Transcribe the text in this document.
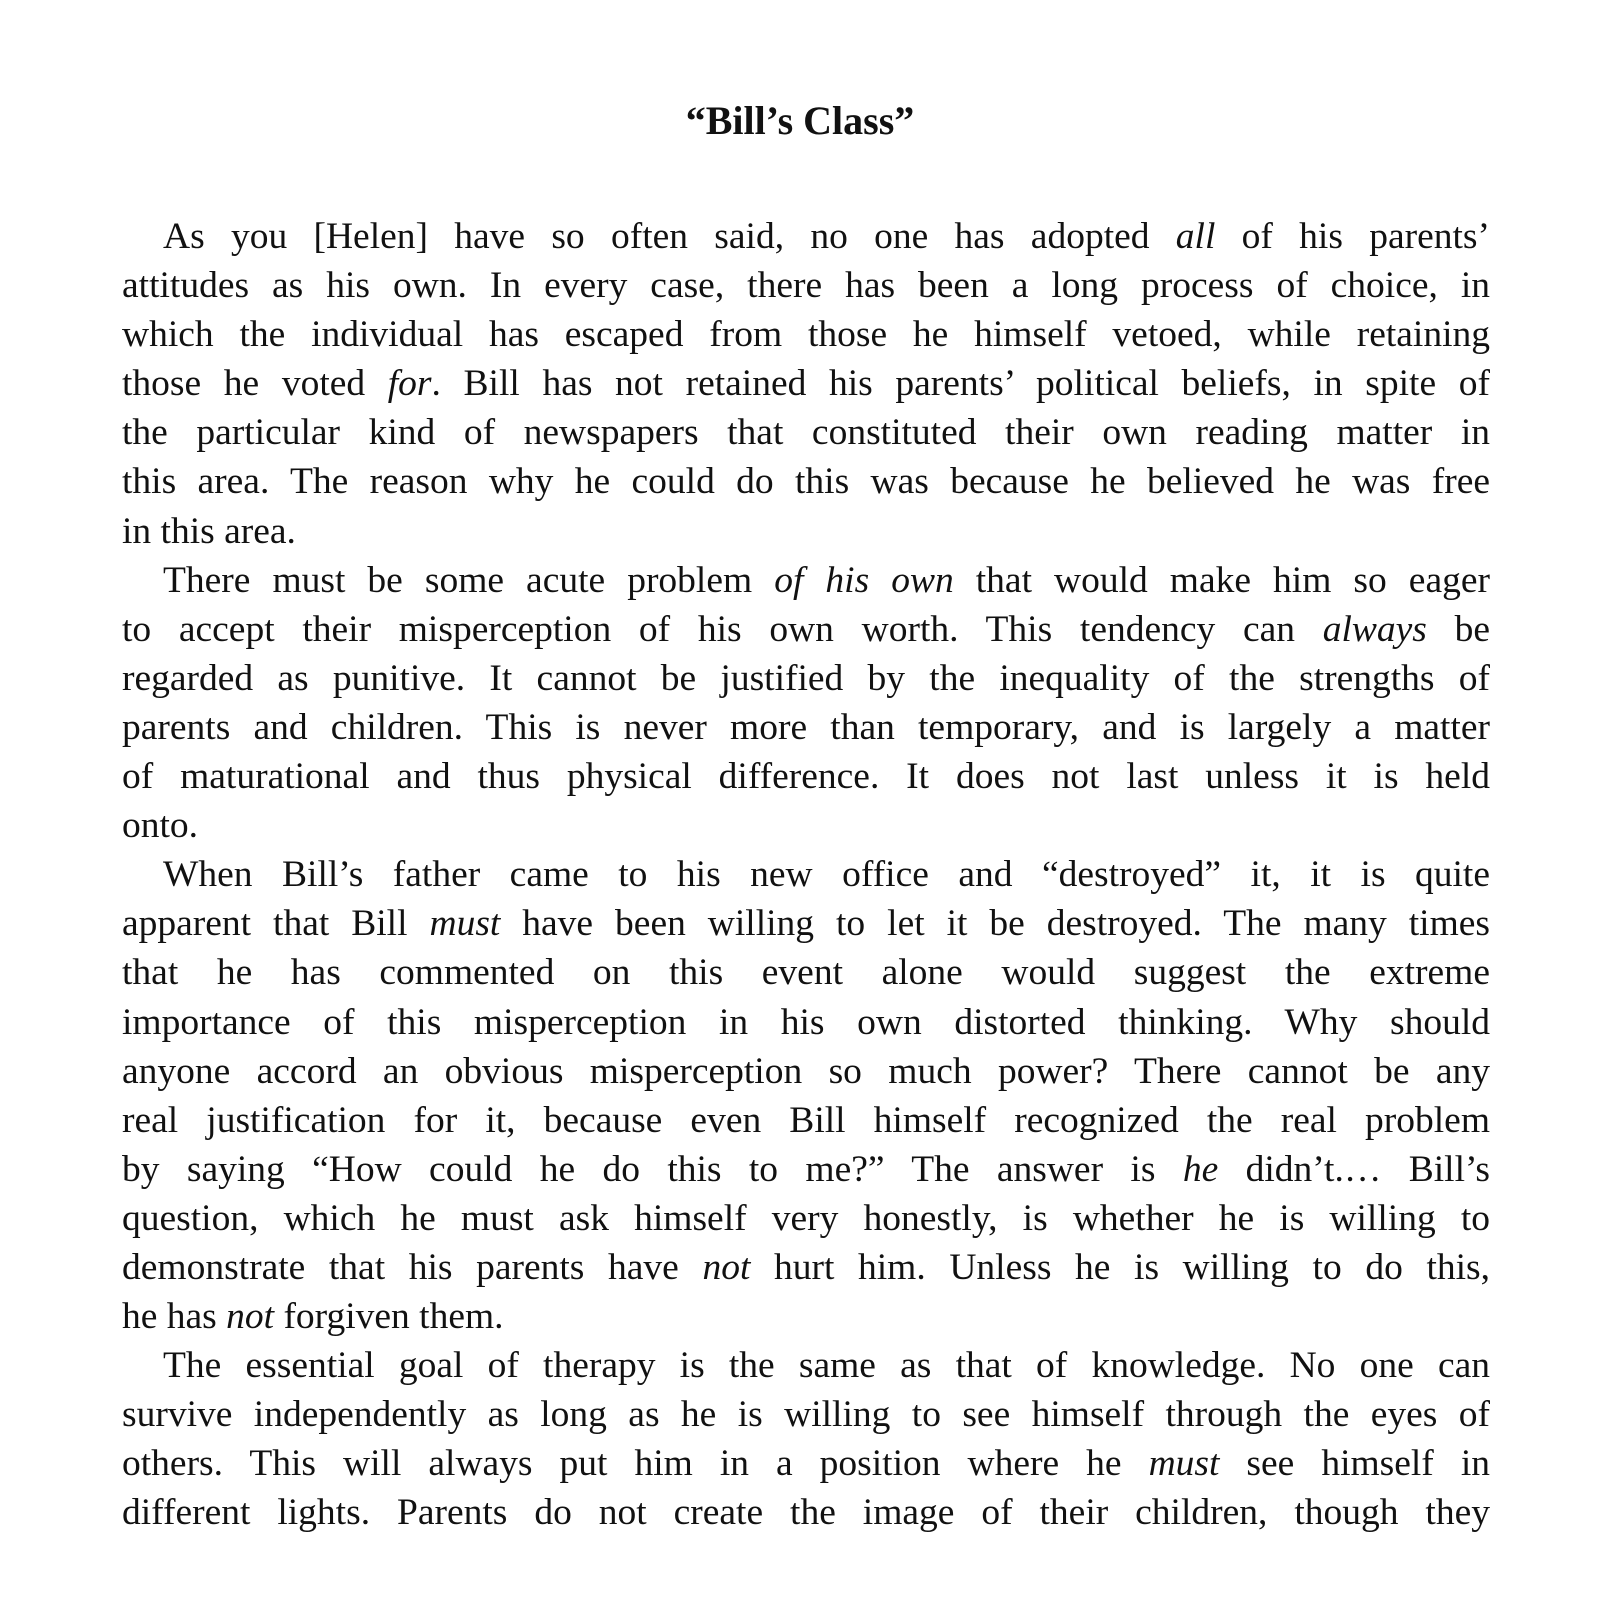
“Bill’s Class”
As you [Helen] have so often said, no one has adopted all of his parents’
attitudes as his own. In every case, there has been a long process of choice, in
which the individual has escaped from those he himself vetoed, while retaining
those he voted for. Bill has not retained his parents’ political beliefs, in spite of
the particular kind of newspapers that constituted their own reading matter in
this area. The reason why he could do this was because he believed he was free
in this area.
There must be some acute problem of his own that would make him so eager
to accept their misperception of his own worth. This tendency can always be
regarded as punitive. It cannot be justified by the inequality of the strengths of
parents and children. This is never more than temporary, and is largely a matter
of maturational and thus physical difference. It does not last unless it is held
onto.
When Bill’s father came to his new office and “destroyed” it, it is quite
apparent that Bill must have been willing to let it be destroyed. The many times
that he has commented on this event alone would suggest the extreme
importance of this misperception in his own distorted thinking. Why should
anyone accord an obvious misperception so much power? There cannot be any
real justification for it, because even Bill himself recognized the real problem
by saying “How could he do this to me?” The answer is he didn’t.… Bill’s
question, which he must ask himself very honestly, is whether he is willing to
demonstrate that his parents have not hurt him. Unless he is willing to do this,
he has not forgiven them.
The essential goal of therapy is the same as that of knowledge. No one can
survive independently as long as he is willing to see himself through the eyes of
others. This will always put him in a position where he must see himself in
different lights. Parents do not create the image of their children, though they
